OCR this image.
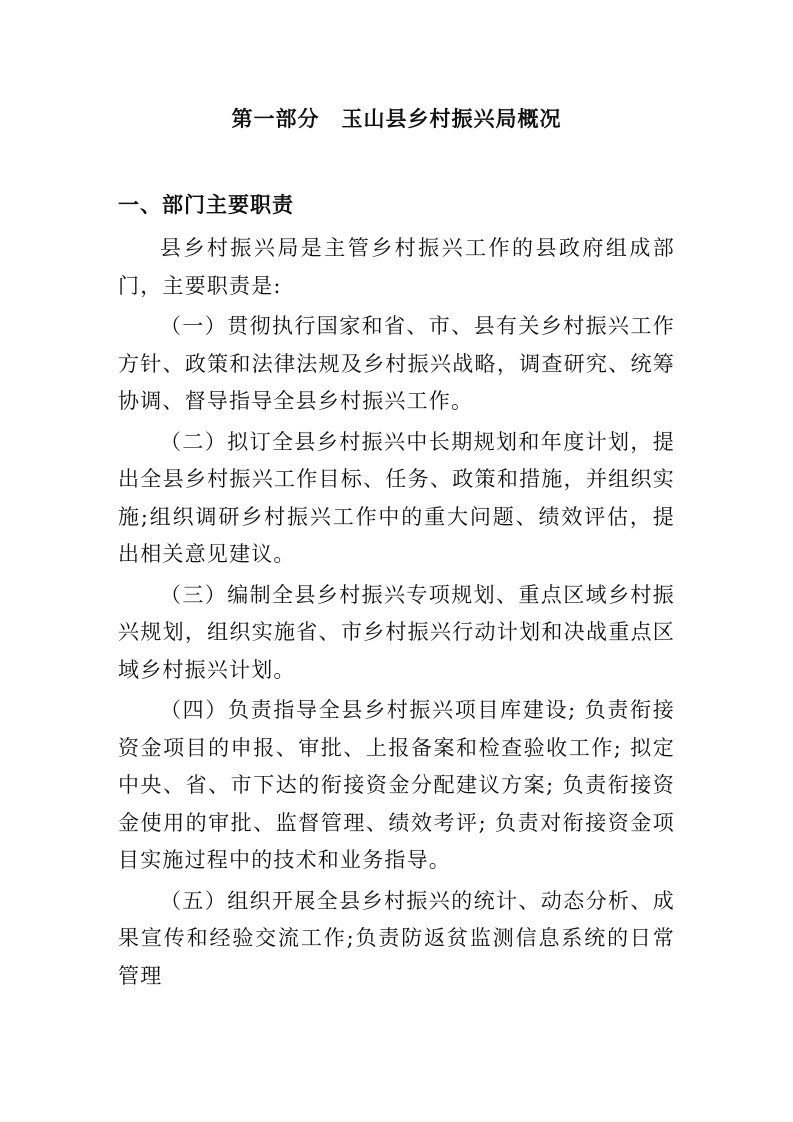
第一部分　玉山县乡村振兴局概况
一、部门主要职责

县乡村振兴局是主管乡村振兴工作的县政府组成部门，主要职责是:

（一）贯彻执行国家和省、市、县有关乡村振兴工作方针、政策和法律法规及乡村振兴战略，调查研究、统筹协调、督导指导全县乡村振兴工作。

（二）拟订全县乡村振兴中长期规划和年度计划，提出全县乡村振兴工作目标、任务、政策和措施，并组织实施;组织调研乡村振兴工作中的重大问题、绩效评估，提出相关意见建议。

（三）编制全县乡村振兴专项规划、重点区域乡村振兴规划，组织实施省、市乡村振兴行动计划和决战重点区域乡村振兴计划。

（四）负责指导全县乡村振兴项目库建设; 负责衔接资金项目的申报、审批、上报备案和检查验收工作; 拟定中央、省、市下达的衔接资金分配建议方案; 负责衔接资金使用的审批、监督管理、绩效考评; 负责对衔接资金项目实施过程中的技术和业务指导。

（五）组织开展全县乡村振兴的统计、动态分析、成果宣传和经验交流工作;负责防返贫监测信息系统的日常管理
